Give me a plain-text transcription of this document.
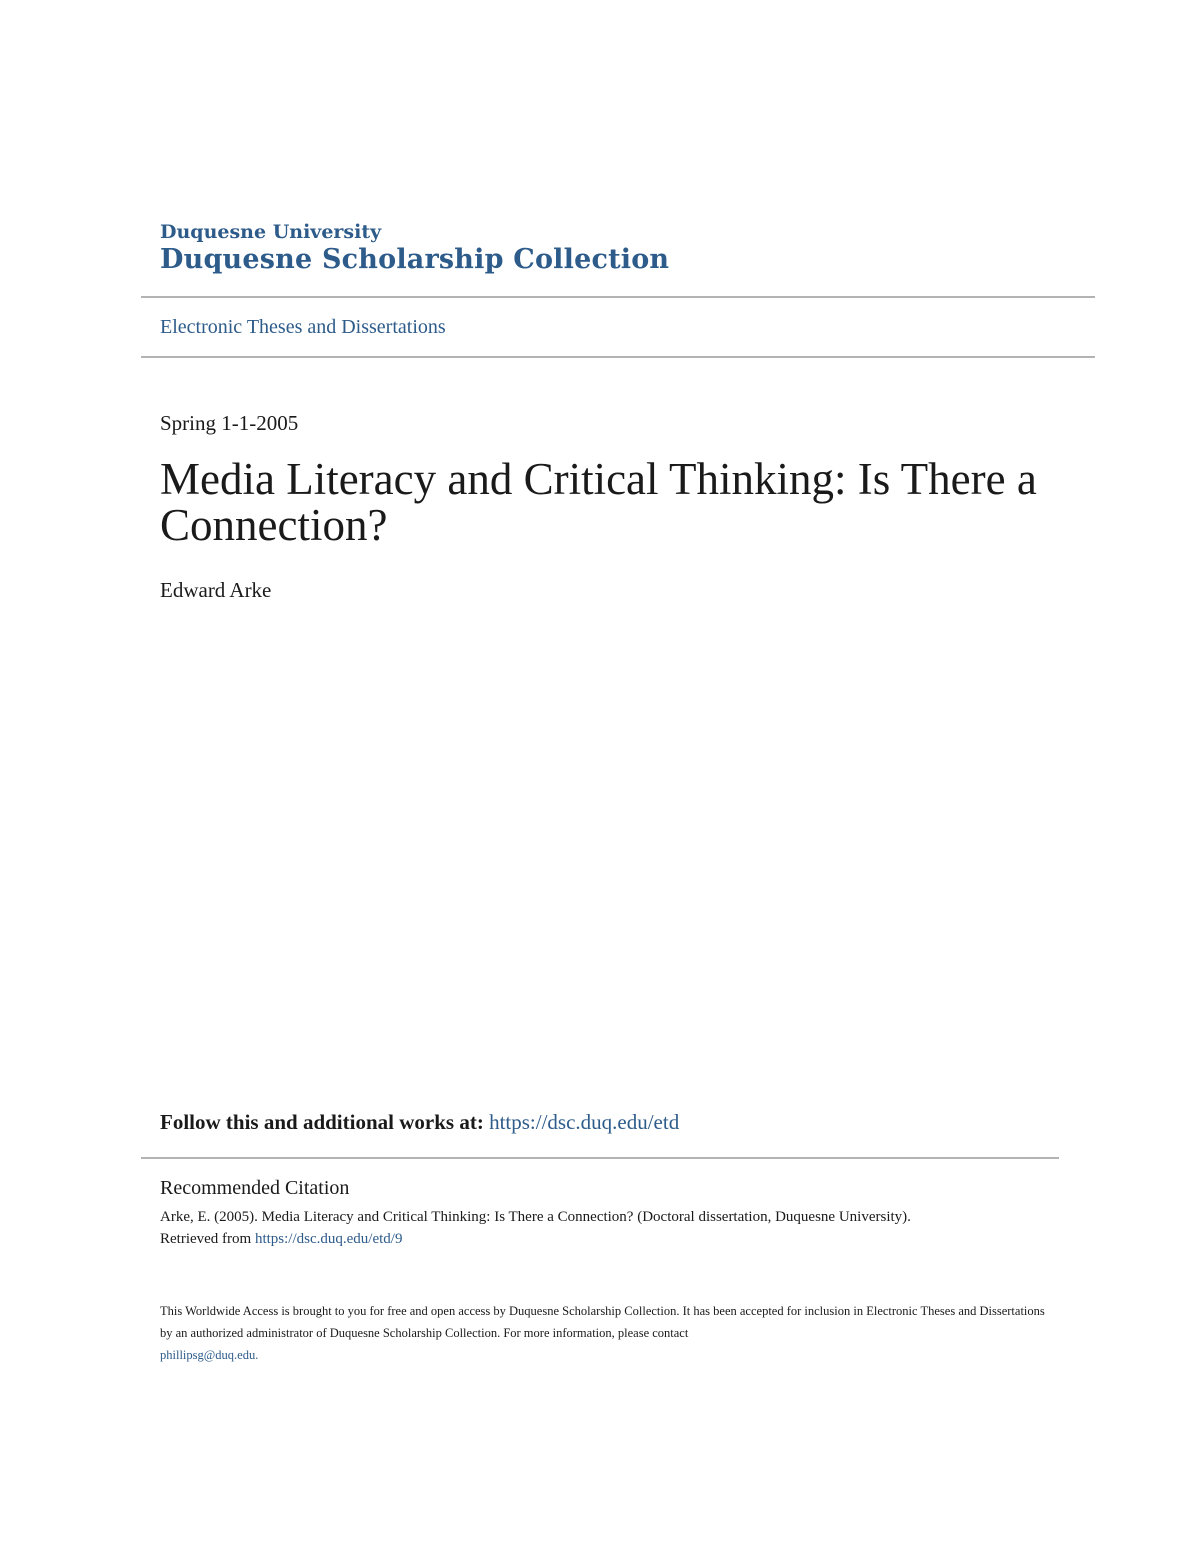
Duquesne University
Duquesne Scholarship Collection
Electronic Theses and Dissertations
Spring 1-1-2005
Media Literacy and Critical Thinking: Is There a Connection?
Edward Arke
Follow this and additional works at: https://dsc.duq.edu/etd
Recommended Citation
Arke, E. (2005). Media Literacy and Critical Thinking: Is There a Connection? (Doctoral dissertation, Duquesne University).
Retrieved from https://dsc.duq.edu/etd/9
This Worldwide Access is brought to you for free and open access by Duquesne Scholarship Collection. It has been accepted for inclusion in Electronic Theses and Dissertations by an authorized administrator of Duquesne Scholarship Collection. For more information, please contact
phillipsg@duq.edu.
